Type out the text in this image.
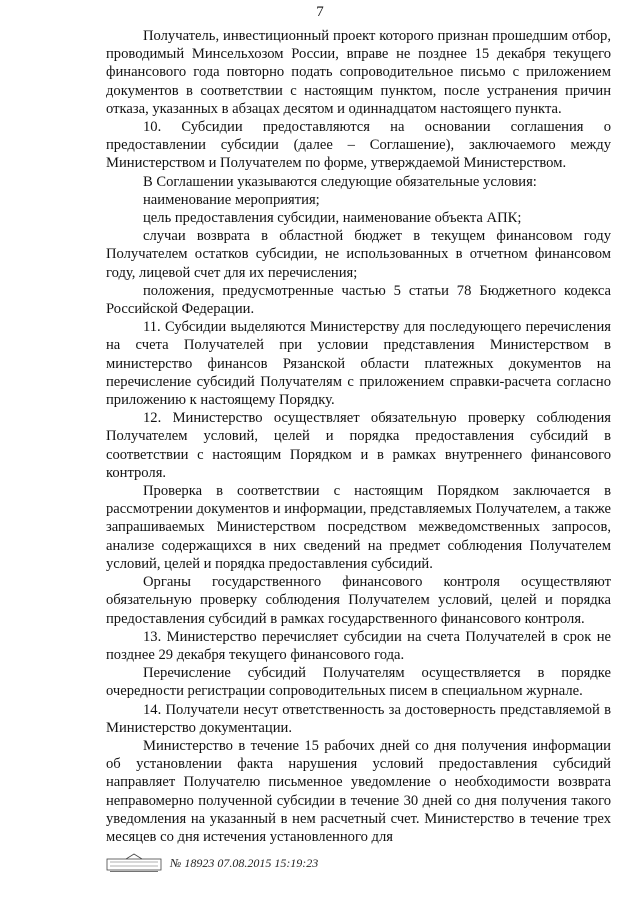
7

Получатель, инвестиционный проект которого признан прошедшим отбор, проводимый Минсельхозом России, вправе не позднее 15 декабря текущего финансового года повторно подать сопроводительное письмо с приложением документов в соответствии с настоящим пунктом, после устранения причин отказа, указанных в абзацах десятом и одиннадцатом настоящего пункта.

10. Субсидии предоставляются на основании соглашения о предоставлении субсидии (далее – Соглашение), заключаемого между Министерством и Получателем по форме, утверждаемой Министерством.

В Соглашении указываются следующие обязательные условия:

наименование мероприятия;

цель предоставления субсидии, наименование объекта АПК;

случаи возврата в областной бюджет в текущем финансовом году Получателем остатков субсидии, не использованных в отчетном финансовом году, лицевой счет для их перечисления;

положения, предусмотренные частью 5 статьи 78 Бюджетного кодекса Российской Федерации.

11. Субсидии выделяются Министерству для последующего перечисления на счета Получателей при условии представления Министерством в министерство финансов Рязанской области платежных документов на перечисление субсидий Получателям с приложением справки-расчета согласно приложению к настоящему Порядку.

12. Министерство осуществляет обязательную проверку соблюдения Получателем условий, целей и порядка предоставления субсидий в соответствии с настоящим Порядком и в рамках внутреннего финансового контроля.

Проверка в соответствии с настоящим Порядком заключается в рассмотрении документов и информации, представляемых Получателем, а также запрашиваемых Министерством посредством межведомственных запросов, анализе содержащихся в них сведений на предмет соблюдения Получателем условий, целей и порядка предоставления субсидий.

Органы государственного финансового контроля осуществляют обязательную проверку соблюдения Получателем условий, целей и порядка предоставления субсидий в рамках государственного финансового контроля.

13. Министерство перечисляет субсидии на счета Получателей в срок не позднее 29 декабря текущего финансового года.

Перечисление субсидий Получателям осуществляется в порядке очередности регистрации сопроводительных писем в специальном журнале.

14. Получатели несут ответственность за достоверность представляемой в Министерство документации.

Министерство в течение 15 рабочих дней со дня получения информации об установлении факта нарушения условий предоставления субсидий направляет Получателю письменное уведомление о необходимости возврата неправомерно полученной субсидии в течение 30 дней со дня получения такого уведомления на указанный в нем расчетный счет. Министерство в течение трех месяцев со дня истечения установленного для

№ 18923 07.08.2015 15:19:23
